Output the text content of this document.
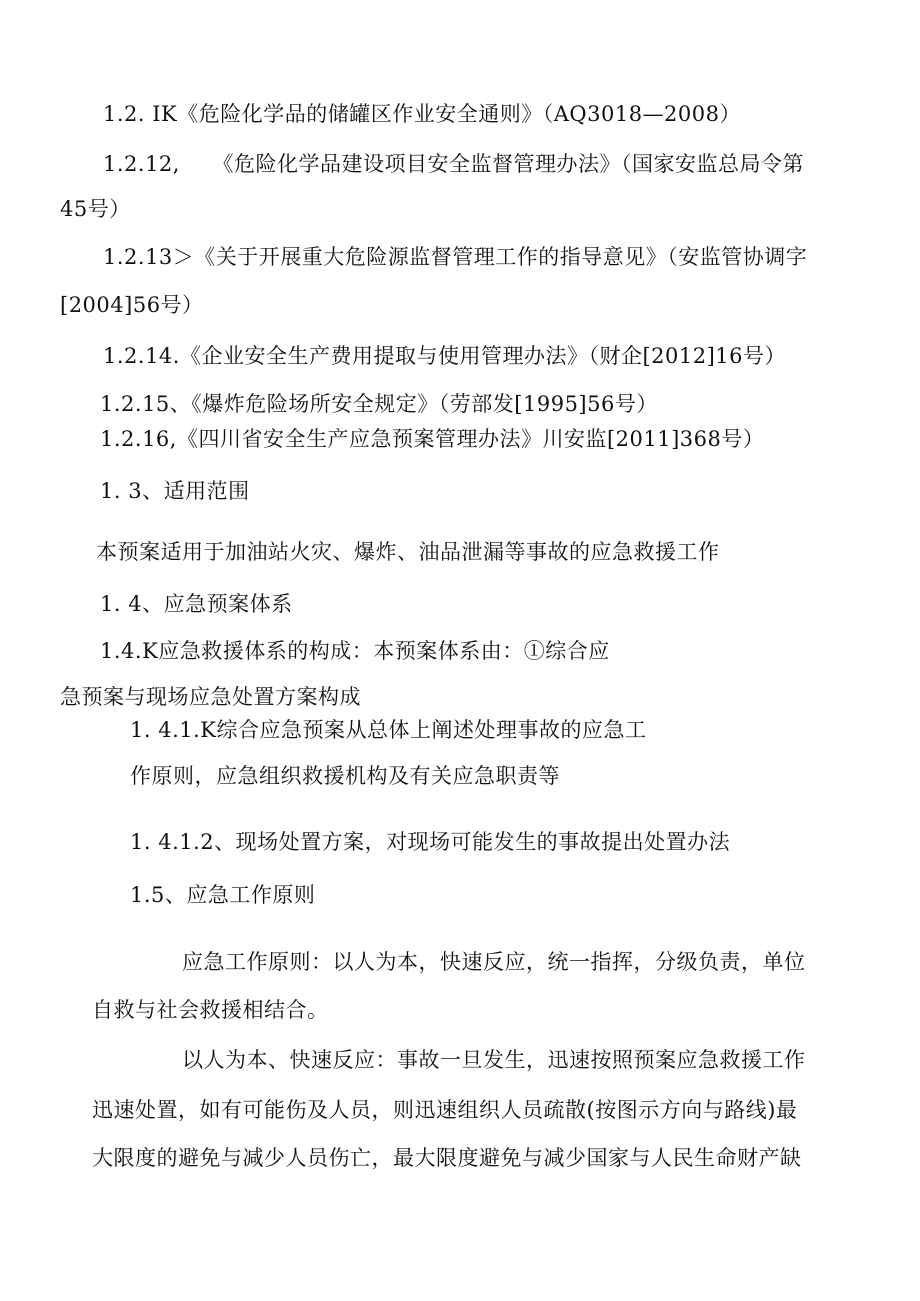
1.2. IK《危险化学品的储罐区作业安全通则》（AQ3018—2008）
1.2.12,　　《危险化学品建设项目安全监督管理办法》（国家安监总局令第
45号）
1.2.13＞《关于开展重大危险源监督管理工作的指导意见》（安监管协调字
[2004]56号）
1.2.14.《企业安全生产费用提取与使用管理办法》（财企[2012]16号）
1.2.15、《爆炸危险场所安全规定》（劳部发[1995]56号）
1.2.16,《四川省安全生产应急预案管理办法》川安监[2011]368号）
1. 3、适用范围
本预案适用于加油站火灾、爆炸、油品泄漏等事故的应急救援工作
1. 4、应急预案体系
1.4.K应急救援体系的构成：本预案体系由：①综合应
急预案与现场应急处置方案构成
1. 4.1.K综合应急预案从总体上阐述处理事故的应急工
作原则，应急组织救援机构及有关应急职责等
1. 4.1.2、现场处置方案，对现场可能发生的事故提出处置办法
1.5、应急工作原则
应急工作原则：以人为本，快速反应，统一指挥，分级负责，单位
自救与社会救援相结合。
以人为本、快速反应：事故一旦发生，迅速按照预案应急救援工作
迅速处置，如有可能伤及人员，则迅速组织人员疏散(按图示方向与路线)最
大限度的避免与减少人员伤亡，最大限度避免与减少国家与人民生命财产缺
